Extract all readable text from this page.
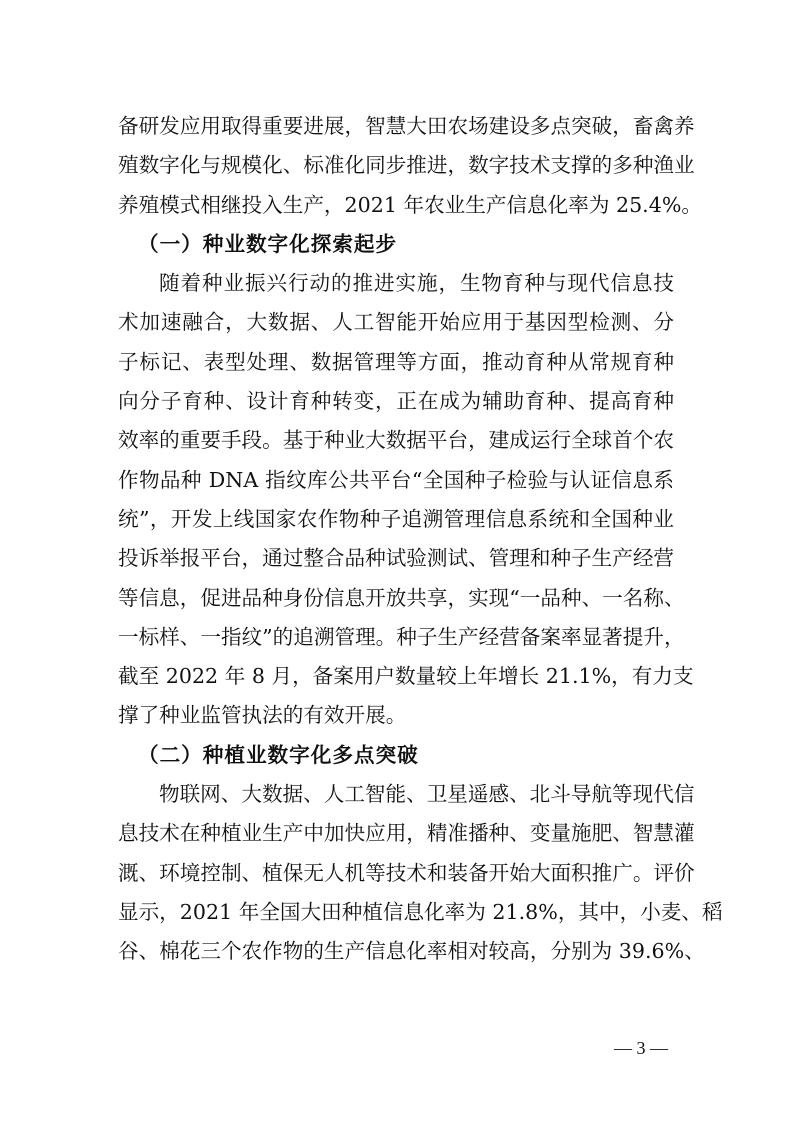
备研发应用取得重要进展，智慧大田农场建设多点突破，畜禽养
殖数字化与规模化、标准化同步推进，数字技术支撑的多种渔业
养殖模式相继投入生产，2021 年农业生产信息化率为 25.4%。
（一）种业数字化探索起步
随着种业振兴行动的推进实施，生物育种与现代信息技
术加速融合，大数据、人工智能开始应用于基因型检测、分
子标记、表型处理、数据管理等方面，推动育种从常规育种
向分子育种、设计育种转变，正在成为辅助育种、提高育种
效率的重要手段。基于种业大数据平台，建成运行全球首个农
作物品种 DNA 指纹库公共平台“全国种子检验与认证信息系
统”，开发上线国家农作物种子追溯管理信息系统和全国种业
投诉举报平台，通过整合品种试验测试、管理和种子生产经营
等信息，促进品种身份信息开放共享，实现“一品种、一名称、
一标样、一指纹”的追溯管理。种子生产经营备案率显著提升，
截至 2022 年 8 月，备案用户数量较上年增长 21.1%，有力支
撑了种业监管执法的有效开展。
（二）种植业数字化多点突破
物联网、大数据、人工智能、卫星遥感、北斗导航等现代信
息技术在种植业生产中加快应用，精准播种、变量施肥、智慧灌
溉、环境控制、植保无人机等技术和装备开始大面积推广。评价
显示，2021 年全国大田种植信息化率为 21.8%，其中，小麦、稻
谷、棉花三个农作物的生产信息化率相对较高，分别为 39.6%、
— 3 —
